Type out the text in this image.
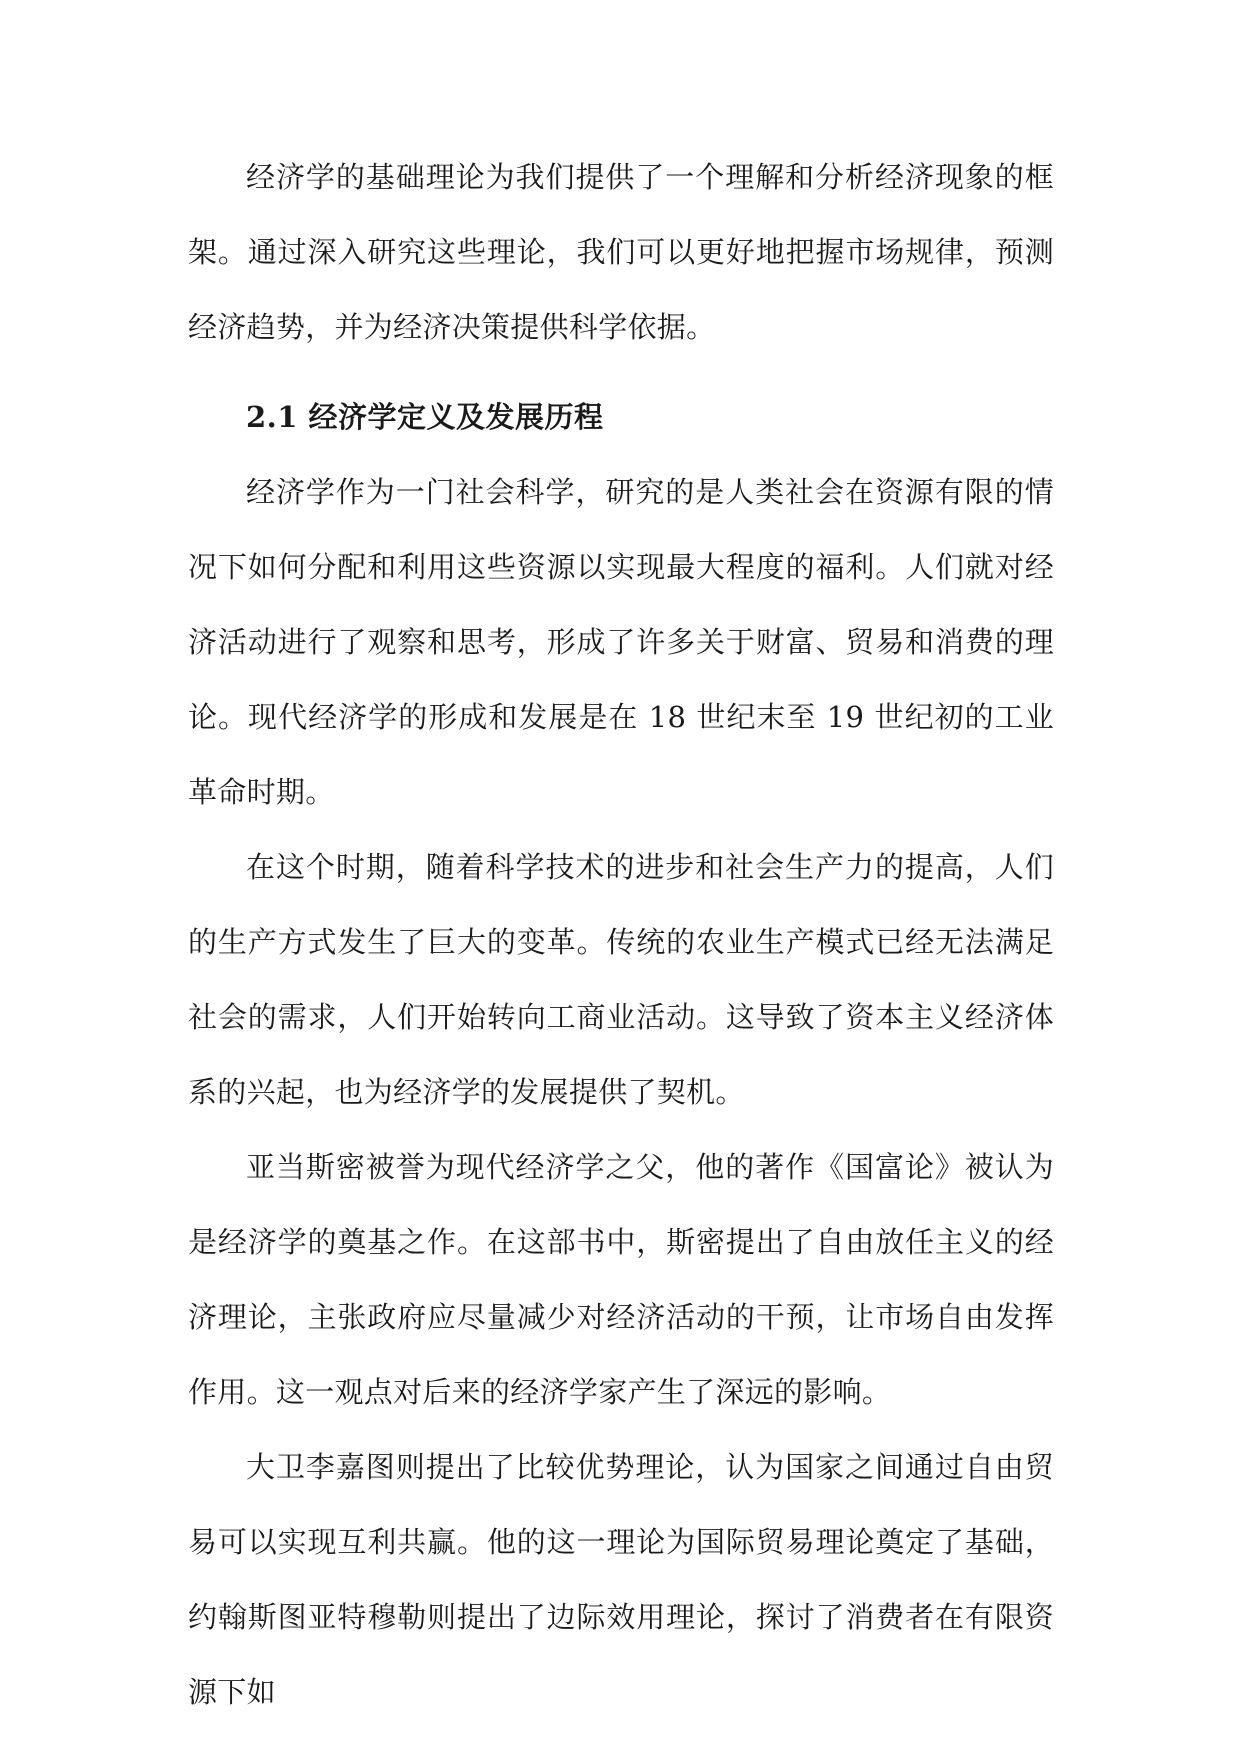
经济学的基础理论为我们提供了一个理解和分析经济现象的框架。通过深入研究这些理论，我们可以更好地把握市场规律，预测经济趋势，并为经济决策提供科学依据。

2.1 经济学定义及发展历程

经济学作为一门社会科学，研究的是人类社会在资源有限的情况下如何分配和利用这些资源以实现最大程度的福利。人们就对经济活动进行了观察和思考，形成了许多关于财富、贸易和消费的理论。现代经济学的形成和发展是在 18 世纪末至 19 世纪初的工业革命时期。

在这个时期，随着科学技术的进步和社会生产力的提高，人们的生产方式发生了巨大的变革。传统的农业生产模式已经无法满足社会的需求，人们开始转向工商业活动。这导致了资本主义经济体系的兴起，也为经济学的发展提供了契机。

亚当斯密被誉为现代经济学之父，他的著作《国富论》被认为是经济学的奠基之作。在这部书中，斯密提出了自由放任主义的经济理论，主张政府应尽量减少对经济活动的干预，让市场自由发挥作用。这一观点对后来的经济学家产生了深远的影响。

大卫李嘉图则提出了比较优势理论，认为国家之间通过自由贸易可以实现互利共赢。他的这一理论为国际贸易理论奠定了基础，约翰斯图亚特穆勒则提出了边际效用理论，探讨了消费者在有限资源下如
